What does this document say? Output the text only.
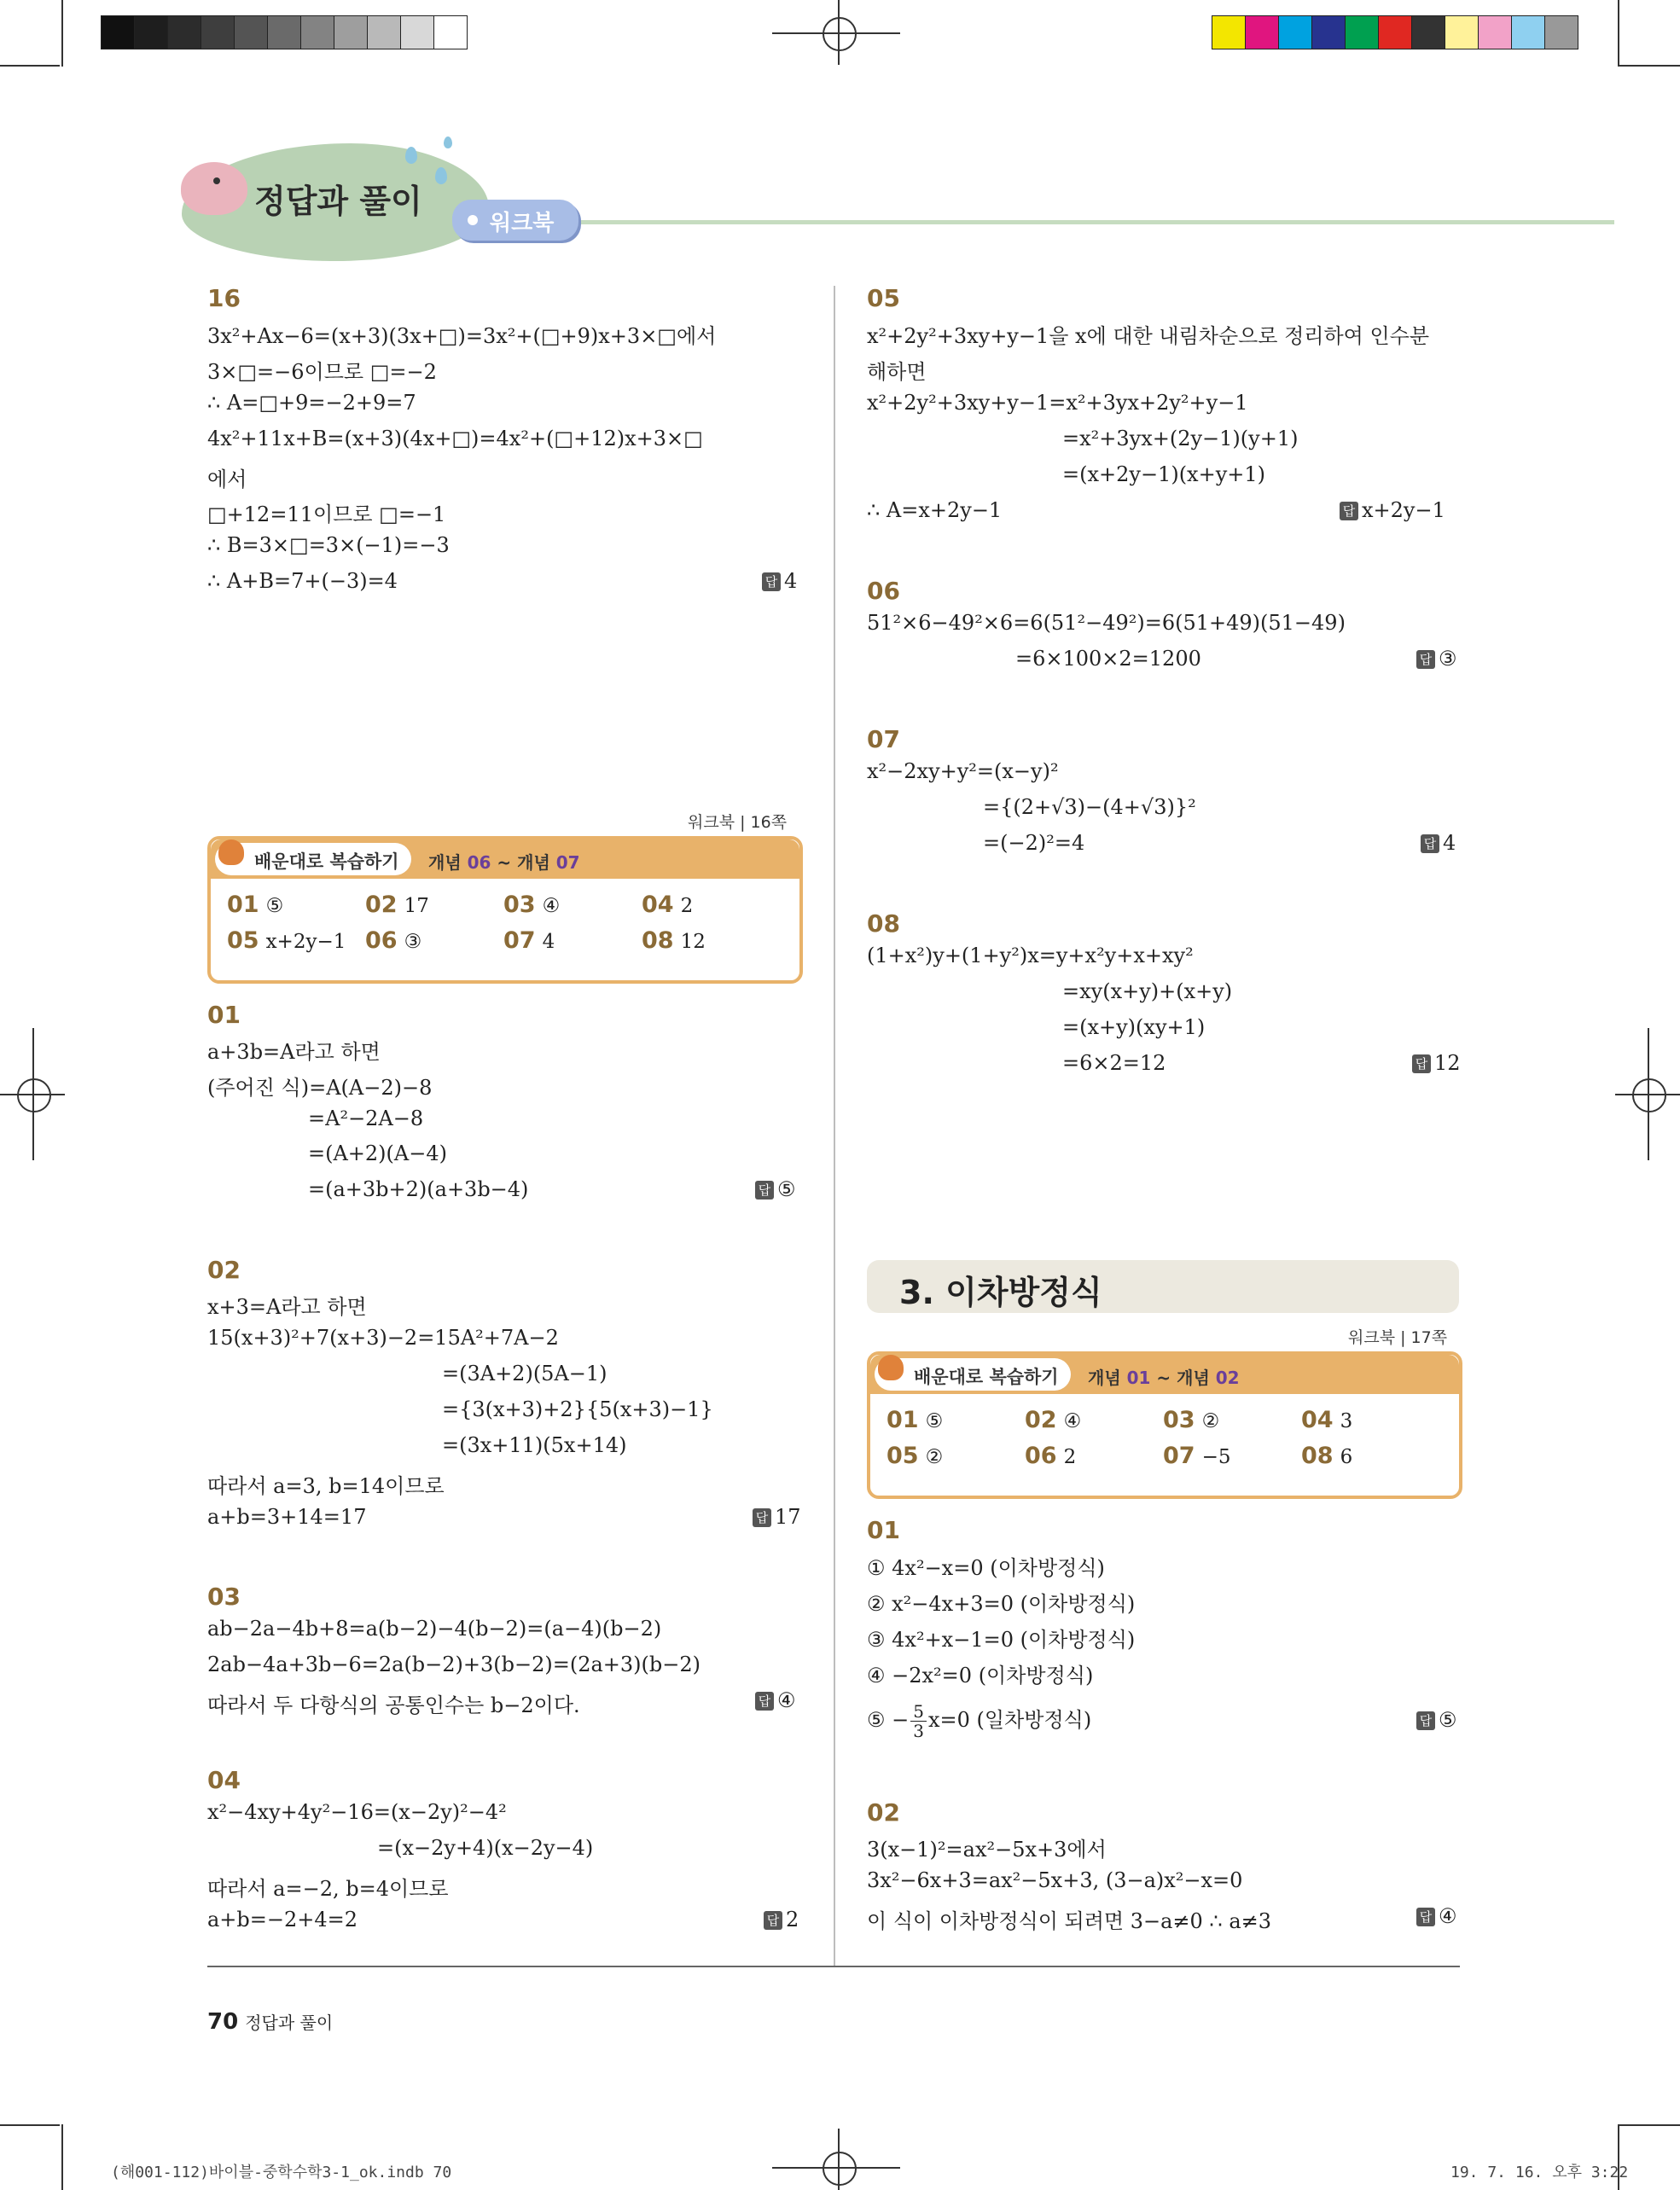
정답과 풀이
워크북
16
3x²+Ax−6=(x+3)(3x+□)=3x²+(□+9)x+3×□에서
3×□=−6이므로 □=−2
∴ A=□+9=−2+9=7
4x²+11x+B=(x+3)(4x+□)=4x²+(□+12)x+3×□
에서
□+12=11이므로 □=−1
∴ B=3×□=3×(−1)=−3
∴ A+B=7+(−3)=4	답 4
워크북 | 16쪽
배운대로 복습하기 개념 06 ~ 개념 07
01 ⑤	02 17	03 ④	04 2
05 x+2y−1 06 ③	07 4	08 12
01
a+3b=A라고 하면
(주어진 식)=A(A−2)−8
=A²−2A−8
=(A+2)(A−4)
=(a+3b+2)(a+3b−4)	답 ⑤
02
x+3=A라고 하면
15(x+3)²+7(x+3)−2=15A²+7A−2
=(3A+2)(5A−1)
={3(x+3)+2}{5(x+3)−1}
=(3x+11)(5x+14)
따라서 a=3, b=14이므로
a+b=3+14=17	답 17
03
ab−2a−4b+8=a(b−2)−4(b−2)=(a−4)(b−2)
2ab−4a+3b−6=2a(b−2)+3(b−2)=(2a+3)(b−2)
따라서 두 다항식의 공통인수는 b−2이다.	답 ④
04
x²−4xy+4y²−16=(x−2y)²−4²
=(x−2y+4)(x−2y−4)
따라서 a=−2, b=4이므로
a+b=−2+4=2	답 2
05
x²+2y²+3xy+y−1을 x에 대한 내림차순으로 정리하여 인수분
해하면
x²+2y²+3xy+y−1=x²+3yx+2y²+y−1
=x²+3yx+(2y−1)(y+1)
=(x+2y−1)(x+y+1)
∴ A=x+2y−1	답 x+2y−1
06
51²×6−49²×6=6(51²−49²)=6(51+49)(51−49)
=6×100×2=1200	답 ③
07
x²−2xy+y²=(x−y)²
={(2+√3)−(4+√3)}²
=(−2)²=4	답 4
08
(1+x²)y+(1+y²)x=y+x²y+x+xy²
=xy(x+y)+(x+y)
=(x+y)(xy+1)
=6×2=12	답 12
3. 이차방정식
워크북 | 17쪽
배운대로 복습하기 개념 01 ~ 개념 02
01 ⑤	02 ④	03 ②	04 3
05 ②	06 2	07 −5	08 6
01
① 4x²−x=0 (이차방정식)
② x²−4x+3=0 (이차방정식)
③ 4x²+x−1=0 (이차방정식)
④ −2x²=0 (이차방정식)
⑤ − $\frac{5}{3} x=0$ (일차방정식)	답 ⑤
02
3(x−1)²=ax²−5x+3에서
3x²−6x+3=ax²−5x+3, (3−a)x²−x=0
이 식이 이차방정식이 되려면 3−a≠0 ∴ a≠3	답 ④
70 정답과 풀이
(해001-112)바이블-중학수학3-1_ok.indb 70	19. 7. 16. 오후 3:22
